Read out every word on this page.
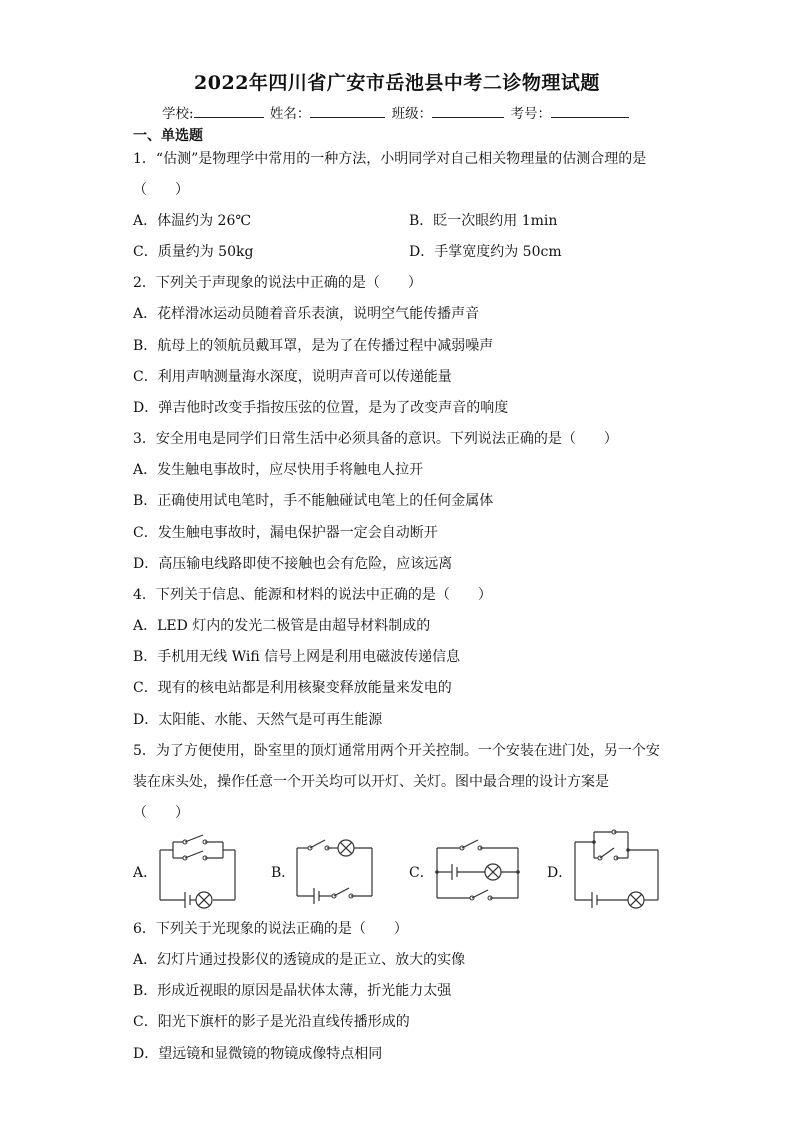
2022年四川省广安市岳池县中考二诊物理试题
学校:	姓名：	班级：	考号：
一、单选题
1．“估测”是物理学中常用的一种方法，小明同学对自己相关物理量的估测合理的是
（　　）
A．体温约为 26℃	B．眨一次眼约用 1min
C．质量约为 50kg	D．手掌宽度约为 50cm
2．下列关于声现象的说法中正确的是（　　）
A．花样滑冰运动员随着音乐表演，说明空气能传播声音
B．航母上的领航员戴耳罩，是为了在传播过程中减弱噪声
C．利用声呐测量海水深度，说明声音可以传递能量
D．弹吉他时改变手指按压弦的位置，是为了改变声音的响度
3．安全用电是同学们日常生活中必须具备的意识。下列说法正确的是（　　）
A．发生触电事故时，应尽快用手将触电人拉开
B．正确使用试电笔时，手不能触碰试电笔上的任何金属体
C．发生触电事故时，漏电保护器一定会自动断开
D．高压输电线路即使不接触也会有危险，应该远离
4．下列关于信息、能源和材料的说法中正确的是（　　）
A．LED 灯内的发光二极管是由超导材料制成的
B．手机用无线 Wifi 信号上网是利用电磁波传递信息
C．现有的核电站都是利用核聚变释放能量来发电的
D．太阳能、水能、天然气是可再生能源
5．为了方便使用，卧室里的顶灯通常用两个开关控制。一个安装在进门处，另一个安
装在床头处，操作任意一个开关均可以开灯、关灯。图中最合理的设计方案是
（　　）
A．	B．	C．	D．
6．下列关于光现象的说法正确的是（　　）
A．幻灯片通过投影仪的透镜成的是正立、放大的实像
B．形成近视眼的原因是晶状体太薄，折光能力太强
C．阳光下旗杆的影子是光沿直线传播形成的
D．望远镜和显微镜的物镜成像特点相同
